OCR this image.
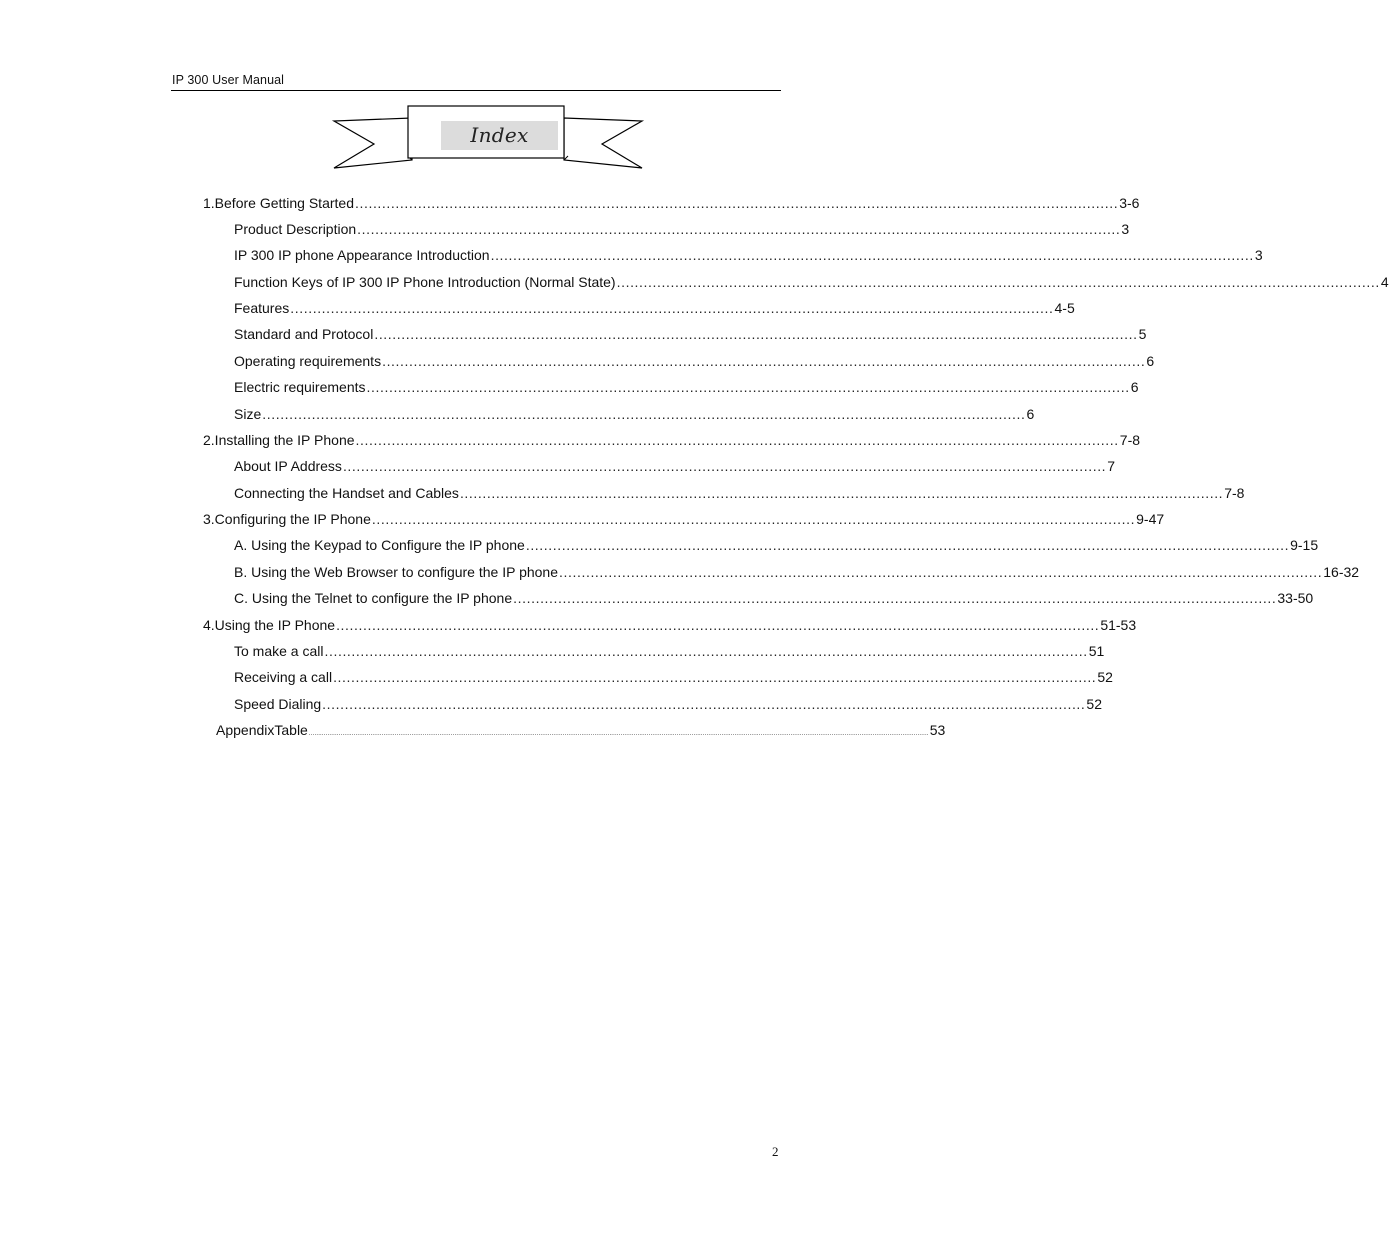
IP 300 User Manual
Index
1.Before Getting Started .......................................................................................................................................................................... 3-6
Product Description .......................................................................................................................................................................... 3
IP 300 IP phone Appearance Introduction .......................................................................................................................................................................... 3
Function Keys of IP 300 IP Phone Introduction (Normal State) .......................................................................................................................................................................... 4
Features .......................................................................................................................................................................... 4-5
Standard and Protocol .......................................................................................................................................................................... 5
Operating requirements .......................................................................................................................................................................... 6
Electric requirements .......................................................................................................................................................................... 6
Size .......................................................................................................................................................................... 6
2.Installing the IP Phone .......................................................................................................................................................................... 7-8
About IP Address .......................................................................................................................................................................... 7
Connecting the Handset and Cables .......................................................................................................................................................................... 7-8
3.Configuring the IP Phone .......................................................................................................................................................................... 9-47
A. Using the Keypad to Configure the IP phone .......................................................................................................................................................................... 9-15
B. Using the Web Browser to configure the IP phone .......................................................................................................................................................................... 16-32
C. Using the Telnet to configure the IP phone .......................................................................................................................................................................... 33-50
4.Using the IP Phone .......................................................................................................................................................................... 51-53
To make a call .......................................................................................................................................................................... 51
Receiving a call .......................................................................................................................................................................... 52
Speed Dialing .......................................................................................................................................................................... 52
AppendixTable ............................................................................................................................................................................................................................................................................................................................................ 53
2
